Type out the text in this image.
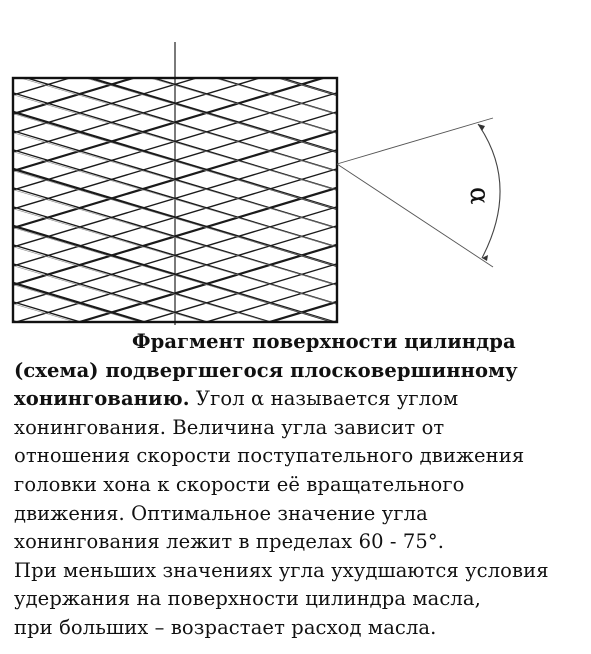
α
Фрагмент поверхности цилиндра
(схема) подвергшегося плосковершинному
хонингованию. Угол α называется углом
хонингования. Величина угла зависит от
отношения скорости поступательного движения
головки хона к скорости её вращательного
движения. Оптимальное значение угла
хонингования лежит в пределах 60 - 75°.
При меньших значениях угла ухудшаются условия
удержания на поверхности цилиндра масла,
при больших – возрастает расход масла.
